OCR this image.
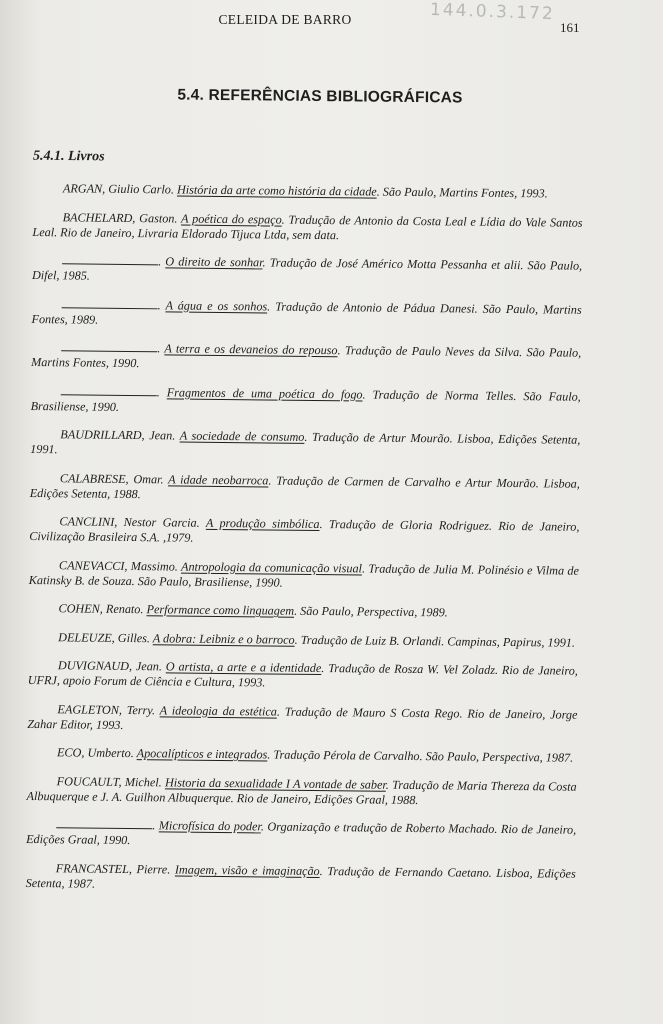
CELEIDA DE BARRO	144.0.3.172
161
5.4. REFERÊNCIAS BIBLIOGRÁFICAS
5.4.1. Livros

ARGAN, Giulio Carlo. História da arte como história da cidade. São Paulo, Martins Fontes, 1993.

BACHELARD, Gaston. A poética do espaço. Tradução de Antonio da Costa Leal e Lídia do Vale Santos Leal. Rio de Janeiro, Livraria Eldorado Tijuca Ltda, sem data.

. O direito de sonhar. Tradução de José Américo Motta Pessanha et alii. São Paulo, Difel, 1985.

. A água e os sonhos. Tradução de Antonio de Pádua Danesi. São Paulo, Martins Fontes, 1989.

. A terra e os devaneios do repouso. Tradução de Paulo Neves da Silva. São Paulo, Martins Fontes, 1990.

. Fragmentos de uma poética do fogo. Tradução de Norma Telles. São Faulo, Brasiliense, 1990.

BAUDRILLARD, Jean. A sociedade de consumo. Tradução de Artur Mourão. Lisboa, Edições Setenta, 1991.

CALABRESE, Omar. A idade neobarroca. Tradução de Carmen de Carvalho e Artur Mourão. Lisboa, Edições Setenta, 1988.

CANCLINI, Nestor Garcia. A produção simbólica. Tradução de Gloria Rodriguez. Rio de Janeiro, Civilização Brasileira S.A. ,1979.

CANEVACCI, Massimo. Antropologia da comunicação visual. Tradução de Julia M. Polinésio e Vilma de Katinsky B. de Souza. São Paulo, Brasiliense, 1990.

COHEN, Renato. Performance como linguagem. São Paulo, Perspectiva, 1989.

DELEUZE, Gilles. A dobra: Leibniz e o barroco. Tradução de Luiz B. Orlandi. Campinas, Papirus, 1991.

DUVIGNAUD, Jean. O artista, a arte e a identidade. Tradução de Rosza W. Vel Zoladz. Rio de Janeiro, UFRJ, apoio Forum de Ciência e Cultura, 1993.

EAGLETON, Terry. A ideologia da estética. Tradução de Mauro S Costa Rego. Rio de Janeiro, Jorge Zahar Editor, 1993.

ECO, Umberto. Apocalípticos e integrados. Tradução Pérola de Carvalho. São Paulo, Perspectiva, 1987.

FOUCAULT, Michel. Historia da sexualidade I A vontade de saber. Tradução de Maria Thereza da Costa Albuquerque e J. A. Guilhon Albuquerque. Rio de Janeiro, Edições Graal, 1988.

. Microfísica do poder. Organização e tradução de Roberto Machado. Rio de Janeiro, Edições Graal, 1990.

FRANCASTEL, Pierre. Imagem, visão e imaginação. Tradução de Fernando Caetano. Lisboa, Edições Setenta, 1987.
